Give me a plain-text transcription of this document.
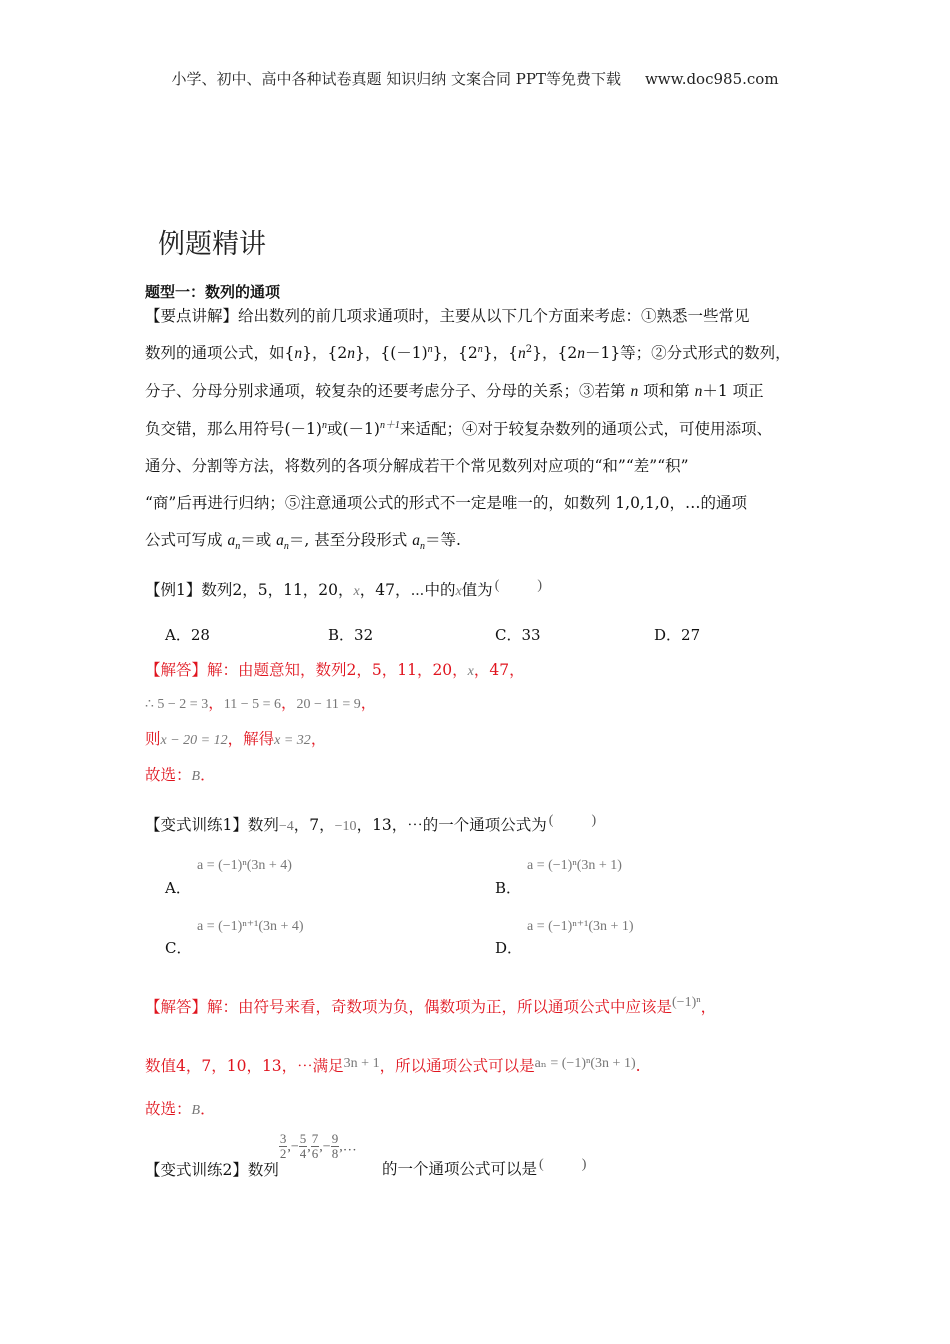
小学、初中、高中各种试卷真题 知识归纳 文案合同 PPT等免费下载 www.doc985.com
例题精讲
题型一：数列的通项
【要点讲解】给出数列的前几项求通项时，主要从以下几个方面来考虑：①熟悉一些常见
数列的通项公式，如{n}，{2n}，$\{(-1)^n\}$，{2$^n$}，$\{n^2\}$，{2n－1}等；②分式形式的数列，
分子、分母分别求通项，较复杂的还要考虑分子、分母的关系；③若第 n 项和第 n＋1 项正
负交错，那么用符号$(-1)^n$或$(-1)^{n+1}$来适配；④对于较复杂数列的通项公式，可使用添项、
通分、分割等方法，将数列的各项分解成若干个常见数列对应项的“和”“差”“积”
“商”后再进行归纳；⑤注意通项公式的形式不一定是唯一的，如数列 1,0,1,0，…的通项
公式可写成 $a_n=$或 $a_n=$, 甚至分段形式 $a_n=$等.
【例1】数列2，5，11，20，x，47，⋯中的x值为 (	)
A．28	B．32	C．33	D．27
【解答】解：由题意知，数列2，5，11，20，x，47，
∴ 5 − 2 = 3，11 − 5 = 6，20 − 11 = 9，
则x − 20 = 12，解得x = 32，
故选：B．
【变式训练1】数列−4，7，−10，13，⋯的一个通项公式为 (	)
a = (−1)ⁿ(3n + 4)
A．
a = (−1)ⁿ(3n + 1)
B．
a = (−1)ⁿ⁺¹(3n + 4)
C．
a = (−1)ⁿ⁺¹(3n + 1)
D．
【解答】解：由符号来看，奇数项为负，偶数项为正，所以通项公式中应该是(−1)ⁿ，
数值4，7，10，13，⋯满足3n + 1，所以通项公式可以是aₙ = (−1)ⁿ(3n + 1).
故选：B．
【变式训练2】数列
$\frac{3}{2}$ ,− $\frac{5}{4}$ , $\frac{7}{6}$ ,− $\frac{9}{8}$ ,…
的一个通项公式可以是 (	)
